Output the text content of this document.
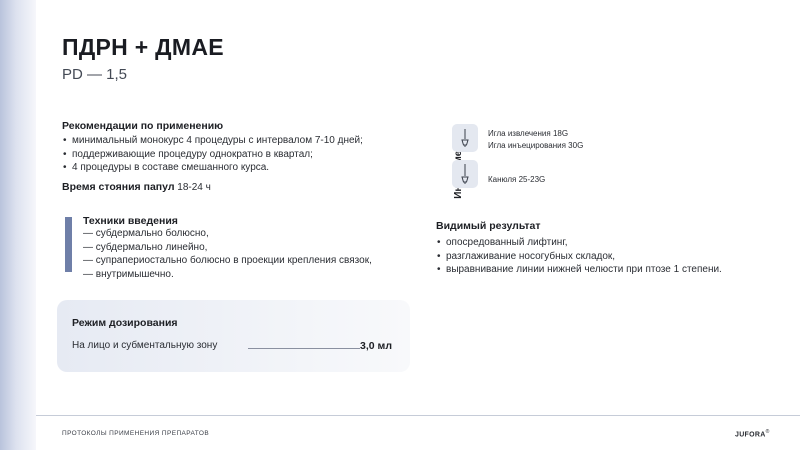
ПДРН + ДМАЕ
PD — 1,5
Рекомендации по применению
• минимальный монокурс 4 процедуры с интервалом 7-10 дней;
• поддерживающие процедуру однократно в квартал;
• 4 процедуры в составе смешанного курса.
Время стояния папул 18-24 ч
Техники введения
— субдермально болюсно,
— субдермально линейно,
— супрапериостально болюсно в проекции крепления связок,
— внутримышечно.
Режим дозирования
На лицо и субментальную зону	3,0 мл
Игла извлечения 18G
Игла инъецирования 30G
Канюля 25-23G
Видимый результат
• опосредованный лифтинг,
• разглаживание носогубных складок,
• выравнивание линии нижней челюсти при птозе 1 степени.
ПРОТОКОЛЫ ПРИМЕНЕНИЯ ПРЕПАРАТОВ	JUFORA®
